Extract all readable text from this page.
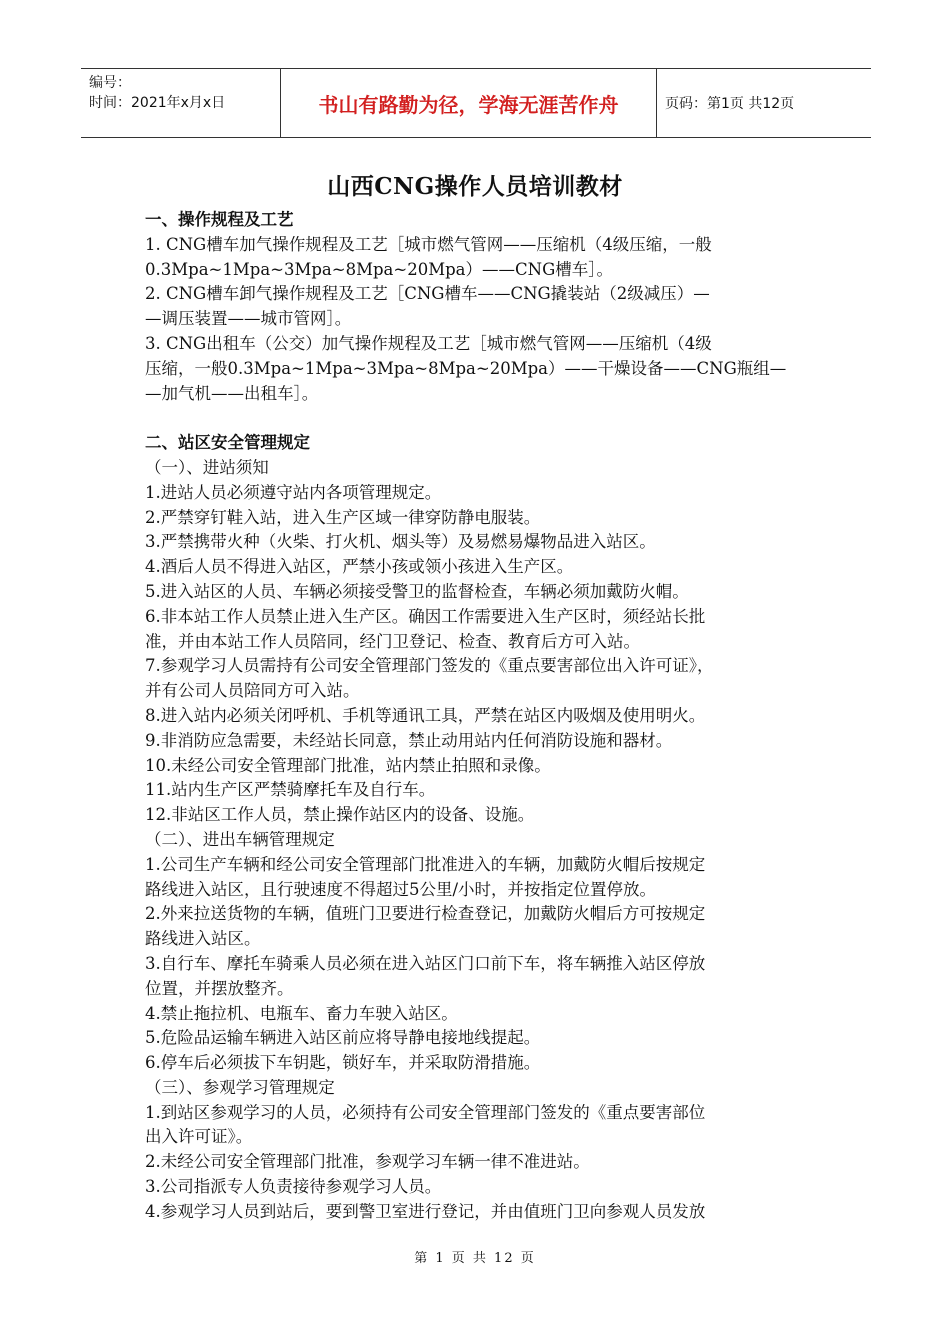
编号：
时间：2021年x月x日	书山有路勤为径，学海无涯苦作舟	页码：第1页 共12页
山西CNG操作人员培训教材

一、操作规程及工艺

1. CNG槽车加气操作规程及工艺［城市燃气管网——压缩机（4级压缩，一般

0.3Mpa~1Mpa~3Mpa~8Mpa~20Mpa）——CNG槽车］。

2. CNG槽车卸气操作规程及工艺［CNG槽车——CNG撬装站（2级减压）—

—调压装置——城市管网］。

3. CNG出租车（公交）加气操作规程及工艺［城市燃气管网——压缩机（4级

压缩，一般0.3Mpa~1Mpa~3Mpa~8Mpa~20Mpa）——干燥设备——CNG瓶组—

—加气机——出租车］。

二、站区安全管理规定

（一）、进站须知

1.进站人员必须遵守站内各项管理规定。

2.严禁穿钉鞋入站，进入生产区域一律穿防静电服装。

3.严禁携带火种（火柴、打火机、烟头等）及易燃易爆物品进入站区。

4.酒后人员不得进入站区，严禁小孩或领小孩进入生产区。

5.进入站区的人员、车辆必须接受警卫的监督检查，车辆必须加戴防火帽。

6.非本站工作人员禁止进入生产区。确因工作需要进入生产区时，须经站长批

准，并由本站工作人员陪同，经门卫登记、检查、教育后方可入站。

7.参观学习人员需持有公司安全管理部门签发的《重点要害部位出入许可证》，

并有公司人员陪同方可入站。

8.进入站内必须关闭呼机、手机等通讯工具，严禁在站区内吸烟及使用明火。

9.非消防应急需要，未经站长同意，禁止动用站内任何消防设施和器材。

10.未经公司安全管理部门批准，站内禁止拍照和录像。

11.站内生产区严禁骑摩托车及自行车。

12.非站区工作人员，禁止操作站区内的设备、设施。

（二）、进出车辆管理规定

1.公司生产车辆和经公司安全管理部门批准进入的车辆，加戴防火帽后按规定

路线进入站区，且行驶速度不得超过5公里/小时，并按指定位置停放。

2.外来拉送货物的车辆，值班门卫要进行检查登记，加戴防火帽后方可按规定

路线进入站区。

3.自行车、摩托车骑乘人员必须在进入站区门口前下车，将车辆推入站区停放

位置，并摆放整齐。

4.禁止拖拉机、电瓶车、畜力车驶入站区。

5.危险品运输车辆进入站区前应将导静电接地线提起。

6.停车后必须拔下车钥匙，锁好车，并采取防滑措施。

（三）、参观学习管理规定

1.到站区参观学习的人员，必须持有公司安全管理部门签发的《重点要害部位

出入许可证》。

2.未经公司安全管理部门批准，参观学习车辆一律不准进站。

3.公司指派专人负责接待参观学习人员。

4.参观学习人员到站后，要到警卫室进行登记，并由值班门卫向参观人员发放

第 1 页 共 12 页
